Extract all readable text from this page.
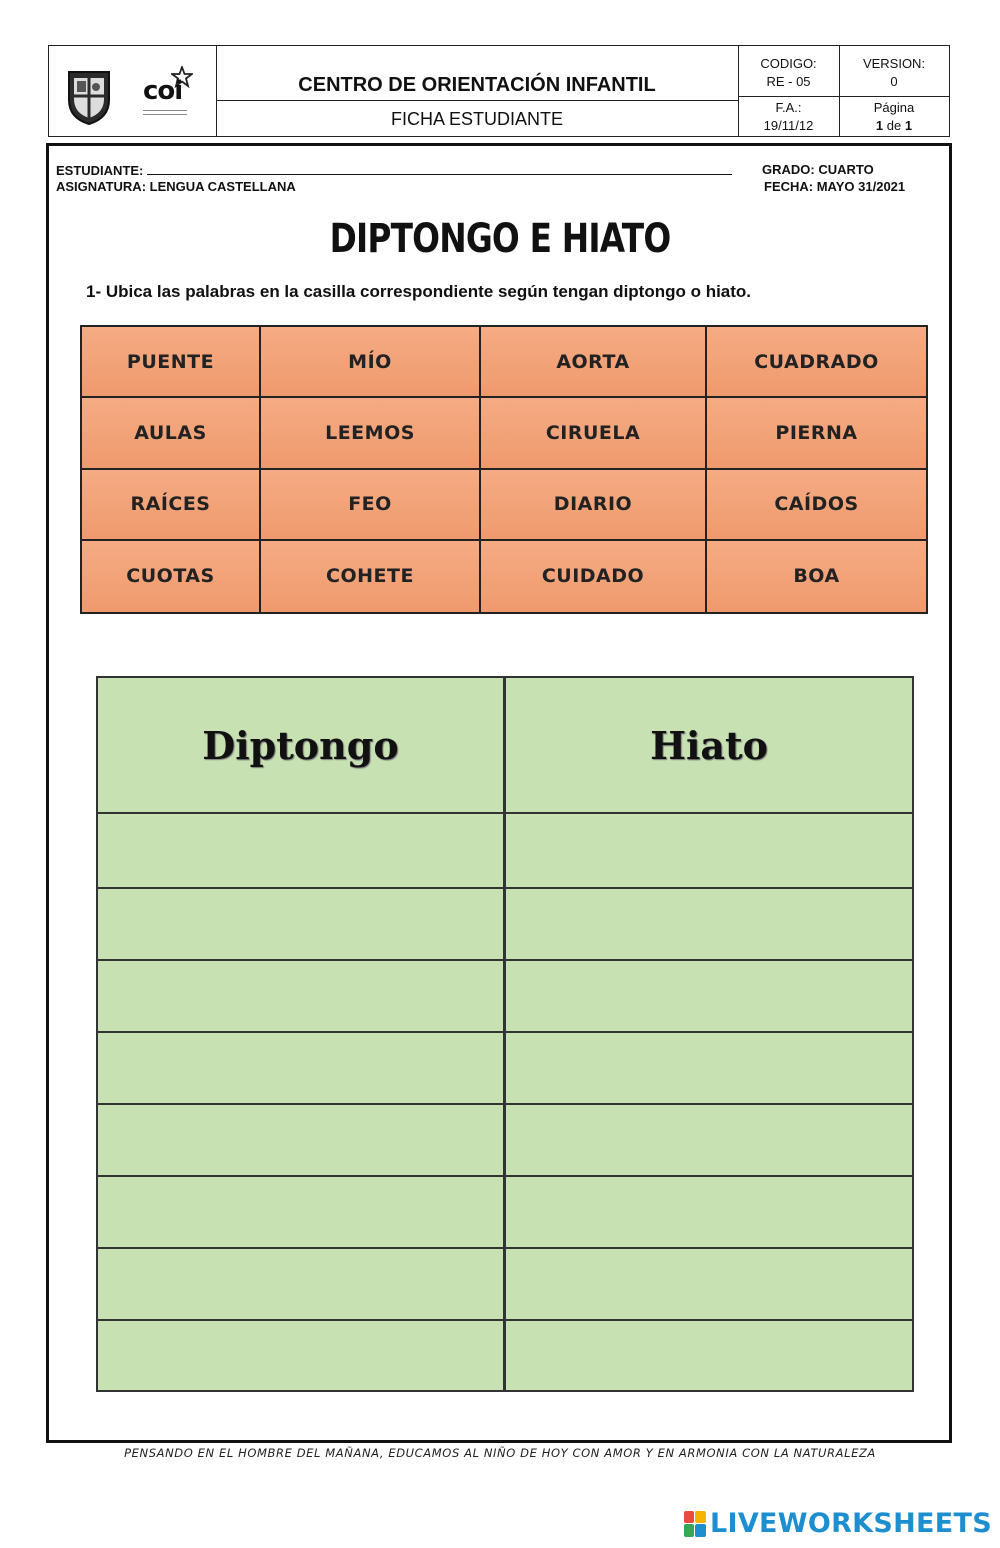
coi	CENTRO DE ORIENTACIÓN INFANTIL
FICHA ESTUDIANTE
CODIGO:
RE - 05
F.A.:
19/11/12
VERSION:
0
Página
1 de 1
ESTUDIANTE:
ASIGNATURA: LENGUA CASTELLANA
GRADO: CUARTO
FECHA: MAYO 31/2021
DIPTONGO E HIATO
1- Ubica las palabras en la casilla correspondiente según tengan diptongo o hiato.
PUENTE	MÍO	AORTA	CUADRADO
AULAS	LEEMOS	CIRUELA	PIERNA
RAÍCES	FEO	DIARIO	CAÍDOS
CUOTAS	COHETE	CUIDADO	BOA
Diptongo	Hiato
PENSANDO EN EL HOMBRE DEL MAÑANA, EDUCAMOS AL NIÑO DE HOY CON AMOR Y EN ARMONIA CON LA NATURALEZA
LIVEWORKSHEETS
